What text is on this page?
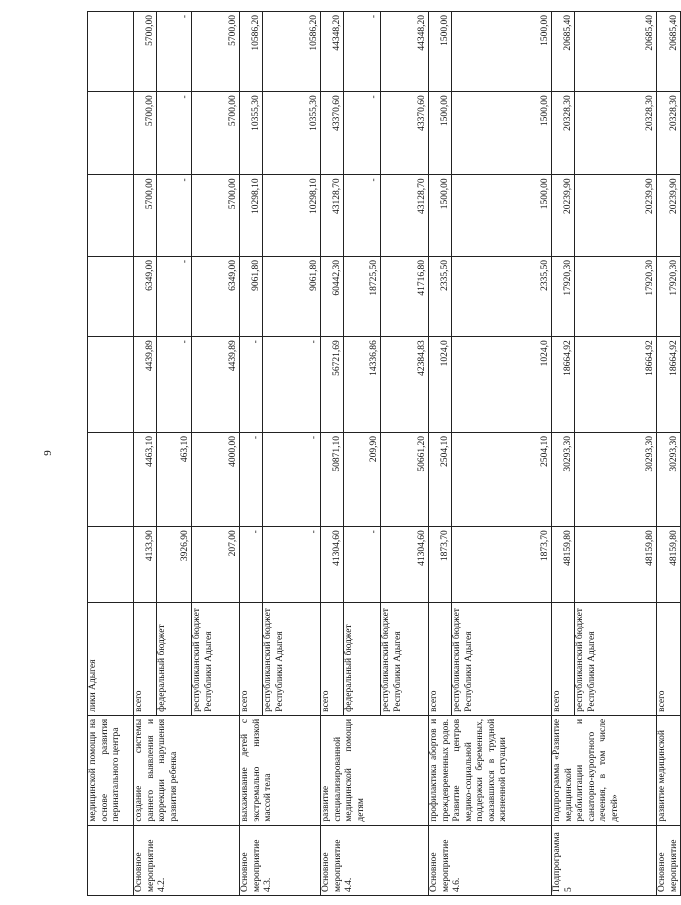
9
	медицинской помощи на основе развития перинатального центра	лики Адыгея							
Основное мероприятие 4.2.	создание системы раннего выявления и коррекции нарушения развития ребенка	всего	4133,90	4463,10	4439,89	6349,00	5700,00	5700,00	5700,00
		федеральный бюджет	3926,90	463,10	-	-	-	-	-
		республиканский бюджет Республики Адыгея	207,00	4000,00	4439,89	6349,00	5700,00	5700,00	5700,00
Основное мероприятие 4.3.	выхаживание детей с экстремально низкой массой тела	всего	-	-	-	9061,80	10298,10	10355,30	10586,20
		республиканский бюджет Республики Адыгея	-	-	-	9061,80	10298,10	10355,30	10586,20
Основное мероприятие 4.4.	развитие специализированной медицинской помощи детям	всего	41304,60	50871,10	56721,69	60442,30	43128,70	43370,60	44348,20
		федеральный бюджет	-	209,90	14336,86	18725,50	-	-	-
		республиканский бюджет Республики Адыгея	41304,60	50661,20	42384,83	41716,80	43128,70	43370,60	44348,20
Основное мероприятие 4.6.	профилактика абортов и преждевременных родов. Развитие центров медико-социальной поддержки беременных, оказавшихся в трудной жизненной ситуации	всего	1873,70	2504,10	1024,0	2335,50	1500,00	1500,00	1500,00
		республиканский бюджет Республики Адыгея	1873,70	2504,10	1024,0	2335,50	1500,00	1500,00	1500,00
Подпрограмма 5	подпрограмма «Развитие медицинской реабилитации и санаторно-курортного лечения, в том числе детей»	всего	48159,80	30293,30	18664,92	17920,30	20239,90	20328,30	20685,40
		республиканский бюджет Республики Адыгея	48159,80	30293,30	18664,92	17920,30	20239,90	20328,30	20685,40
Основное мероприятие	развитие медицинской	всего	48159,80	30293,30	18664,92	17920,30	20239,90	20328,30	20685,40
